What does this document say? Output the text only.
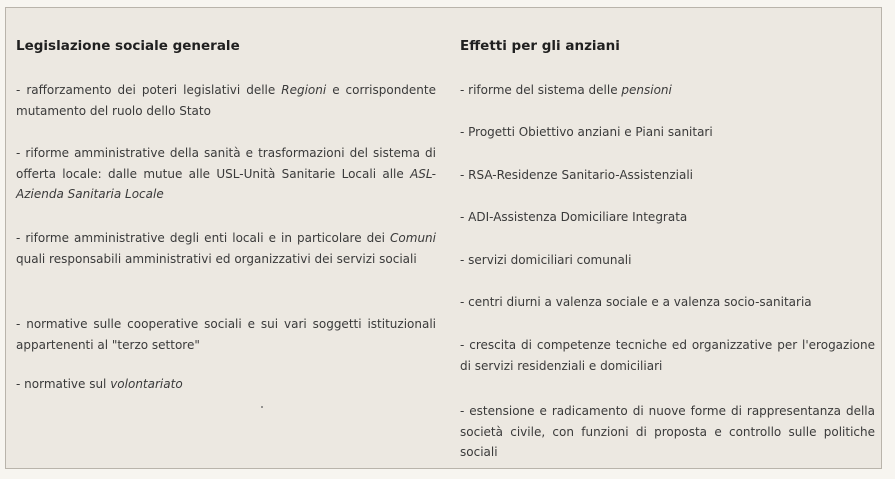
Legislazione sociale generale
- rafforzamento dei poteri legislativi delle Regioni e corrispondente mutamento del ruolo dello Stato
- riforme amministrative della sanità e trasformazioni del sistema di offerta locale: dalle mutue alle USL-Unità Sanitarie Locali alle ASL- Azienda Sanitaria Locale
- riforme amministrative degli enti locali e in particolare dei Comuni quali responsabili amministrativi ed organizzativi dei servizi sociali
- normative sulle cooperative sociali e sui vari soggetti istituzionali appartenenti al "terzo settore"
- normative sul volontariato
Effetti per gli anziani
- riforme del sistema delle pensioni
- Progetti Obiettivo anziani e Piani sanitari
- RSA-Residenze Sanitario-Assistenziali
- ADI-Assistenza Domiciliare Integrata
- servizi domiciliari comunali
- centri diurni a valenza sociale e a valenza socio-sanitaria
- crescita di competenze tecniche ed organizzative per l'erogazione di servizi residenziali e domiciliari
- estensione e radicamento di nuove forme di rappresentanza della società civile, con funzioni di proposta e controllo sulle politiche sociali
